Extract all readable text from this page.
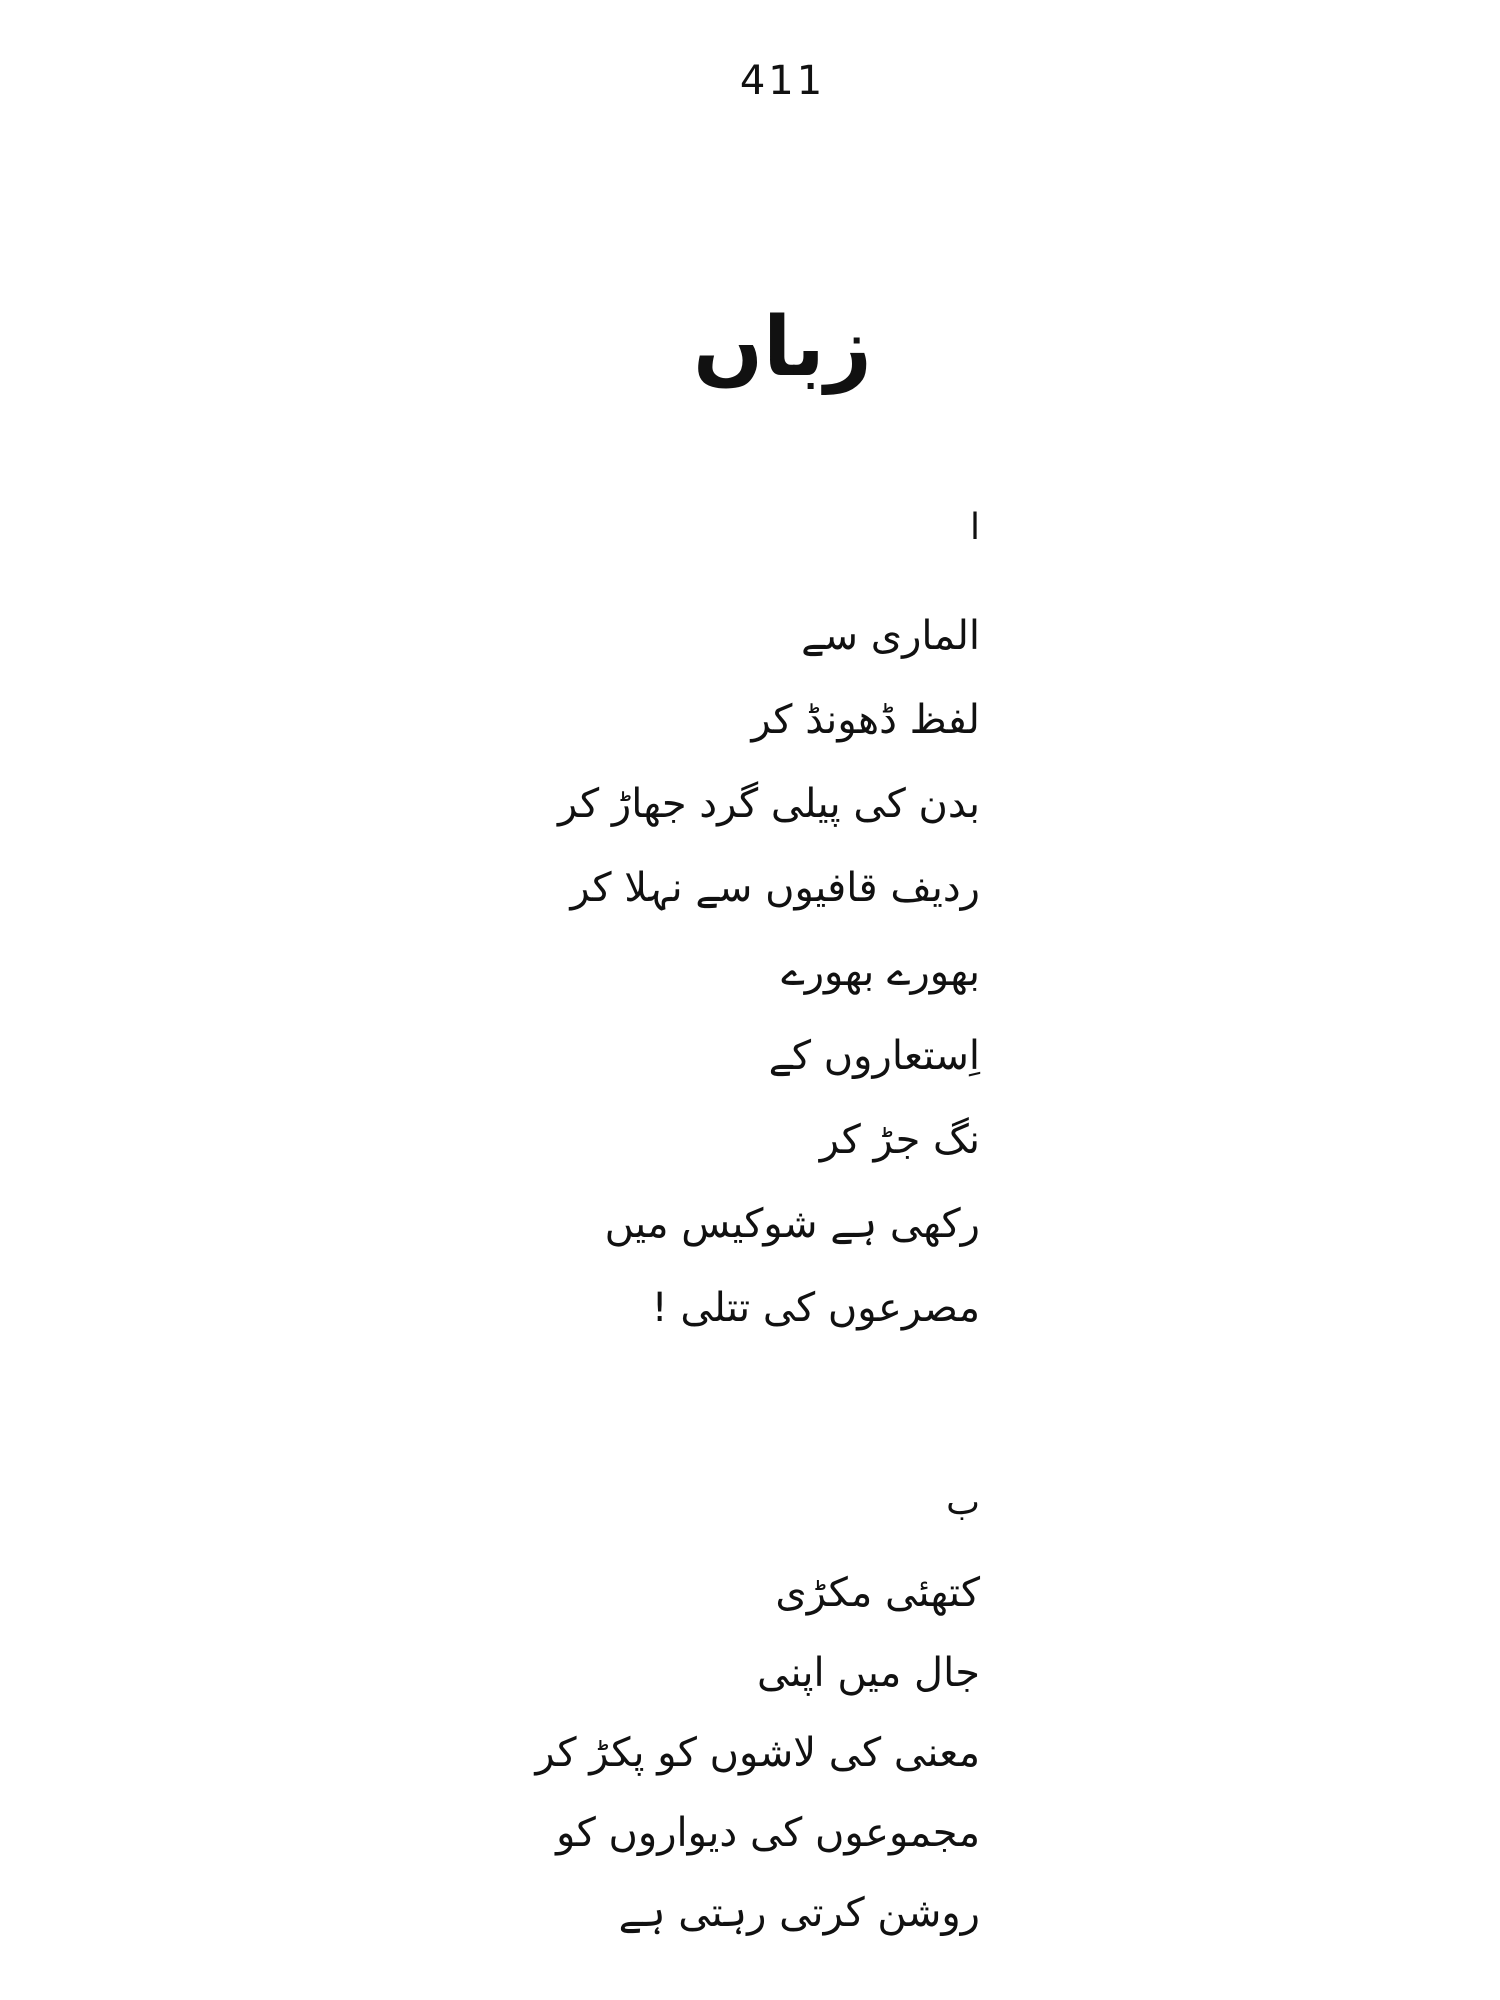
411
زباں
ا
المارى سے
لفظ ڈھونڈ کر
بدن کى پيلى گرد جھاڑ کر
رديف قافيوں سے نہلا کر
بھورے بھورے
اِستعاروں کے
نگ جڑ کر
رکھى ہے شوکيس ميں
مصرعوں کى تتلى !
ب
کتھئى مکڑى
جال ميں اپنى
معنى کى لاشوں کو پکڑ کر
مجموعوں کى ديواروں کو
روشن کرتى رہتى ہے
